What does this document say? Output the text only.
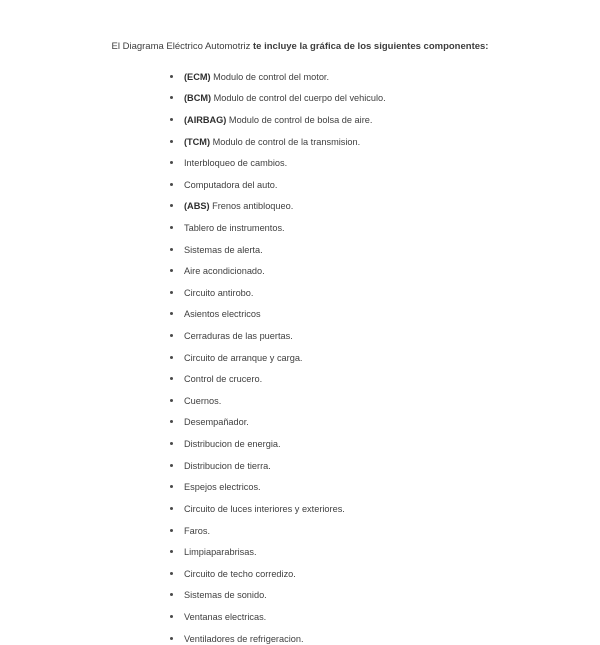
El Diagrama Eléctrico Automotriz te incluye la gráfica de los siguientes componentes:

(ECM) Modulo de control del motor.
(BCM) Modulo de control del cuerpo del vehiculo.
(AIRBAG) Modulo de control de bolsa de aire.
(TCM) Modulo de control de la transmision.
Interbloqueo de cambios.
Computadora del auto.
(ABS) Frenos antibloqueo.
Tablero de instrumentos.
Sistemas de alerta.
Aire acondicionado.
Circuito antirobo.
Asientos electricos
Cerraduras de las puertas.
Circuito de arranque y carga.
Control de crucero.
Cuernos.
Desempañador.
Distribucion de energia.
Distribucion de tierra.
Espejos electricos.
Circuito de luces interiores y exteriores.
Faros.
Limpiaparabrisas.
Circuito de techo corredizo.
Sistemas de sonido.
Ventanas electricas.
Ventiladores de refrigeracion.
